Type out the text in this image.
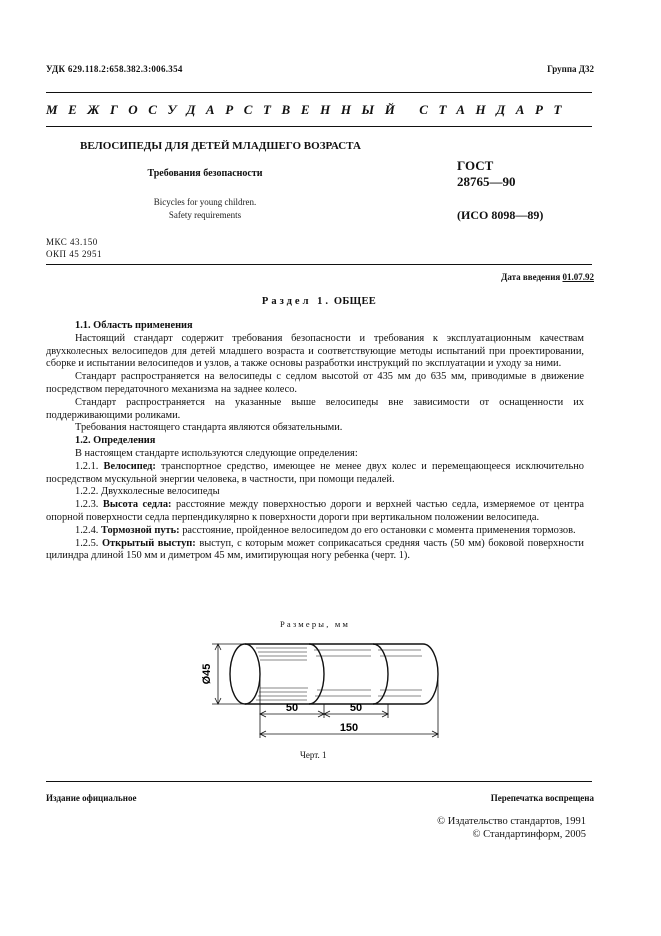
УДК 629.118.2:658.382.3:006.354	Группа Д32
МЕЖГОСУДАРСТВЕННЫЙ СТАНДАРТ
ВЕЛОСИПЕДЫ ДЛЯ ДЕТЕЙ МЛАДШЕГО ВОЗРАСТА
Требования безопасности
Bicycles for young children.
Safety requirements
ГОСТ
28765—90
(ИСО 8098—89)
МКС 43.150
ОКП 45 2951
Дата введения 01.07.92
Раздел 1. ОБЩЕЕ

1.1. Область применения

Настоящий стандарт содержит требования безопасности и требования к эксплуатационным качествам двухколесных велосипедов для детей младшего возраста и соответствующие методы испытаний при проектировании, сборке и испытании велосипедов и узлов, а также основы разработки инструкций по эксплуатации и уходу за ними.

Стандарт распространяется на велосипеды с седлом высотой от 435 мм до 635 мм, приводимые в движение посредством передаточного механизма на заднее колесо.

Стандарт распространяется на указанные выше велосипеды вне зависимости от оснащенности их поддерживающими роликами.

Требования настоящего стандарта являются обязательными.

1.2. Определения

В настоящем стандарте используются следующие определения:

1.2.1. Велосипед: транспортное средство, имеющее не менее двух колес и перемещающееся исключительно посредством мускульной энергии человека, в частности, при помощи педалей.

1.2.2. Двухколесные велосипеды

1.2.3. Высота седла: расстояние между поверхностью дороги и верхней частью седла, измеряемое от центра опорной поверхности седла перпендикулярно к поверхности дороги при вертикальном положении велосипеда.

1.2.4. Тормозной путь: расстояние, пройденное велосипедом до его остановки с момента применения тормозов.

1.2.5. Открытый выступ: выступ, с которым может соприкасаться средняя часть (50 мм) боковой поверхности цилиндра длиной 150 мм и диметром 45 мм, имитирующая ногу ребенка (черт. 1).

Размеры, мм
Ø45
50	50
150
Черт. 1
Издание официальное	Перепечатка воспрещена
© Издательство стандартов, 1991
© Стандартинформ, 2005
